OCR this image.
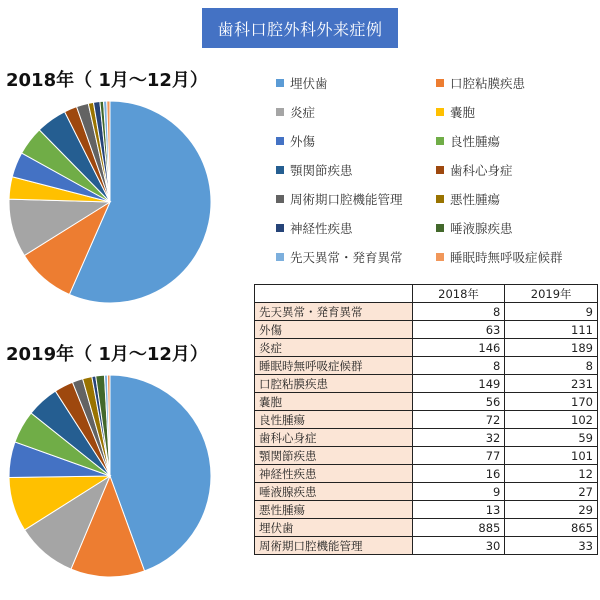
歯科口腔外科外来症例
2018年（ 1月〜12月）
2019年（ 1月〜12月）
埋伏歯	口腔粘膜疾患
炎症	嚢胞
外傷	良性腫瘍
顎関節疾患	歯科心身症
周術期口腔機能管理	悪性腫瘍
神経性疾患	唾液腺疾患
先天異常・発育異常	睡眠時無呼吸症候群
	2018年	2019年
先天異常・発育異常	8	9
外傷	63	111
炎症	146	189
睡眠時無呼吸症候群	8	8
口腔粘膜疾患	149	231
嚢胞	56	170
良性腫瘍	72	102
歯科心身症	32	59
顎関節疾患	77	101
神経性疾患	16	12
唾液腺疾患	9	27
悪性腫瘍	13	29
埋伏歯	885	865
周術期口腔機能管理	30	33
